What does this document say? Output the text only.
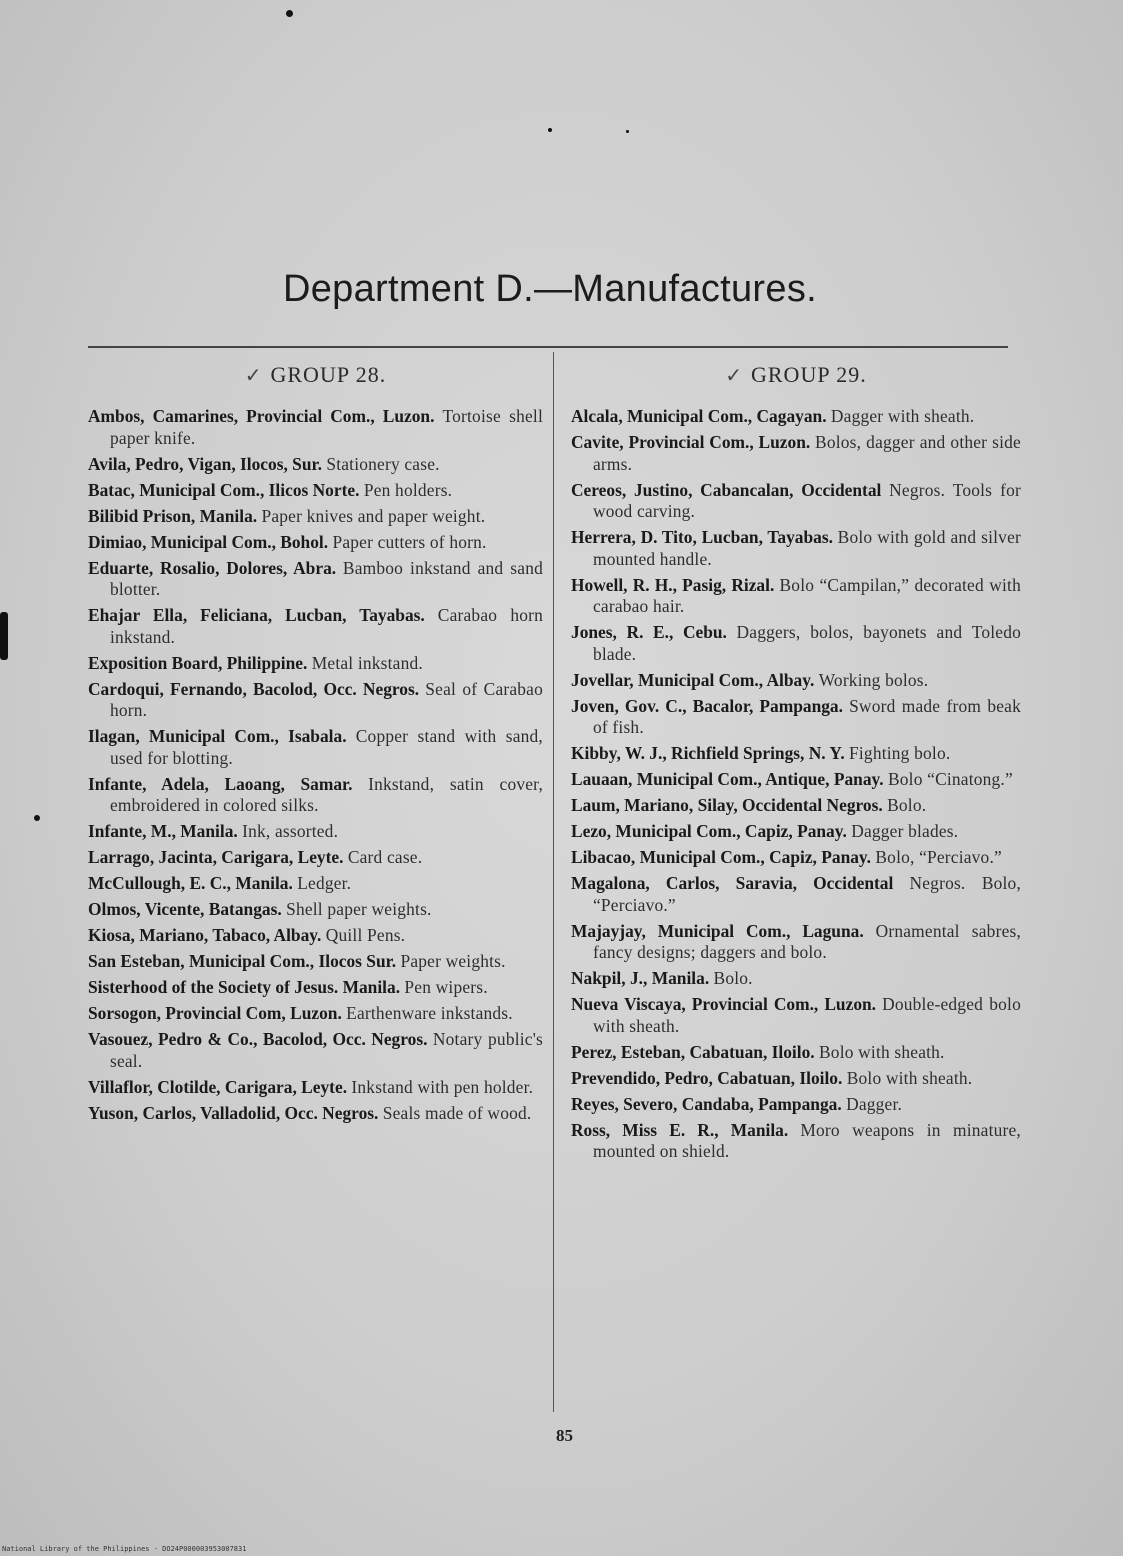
Department D.—Manufactures.
✓ GROUP 28.
Ambos, Camarines, Provincial Com., Luzon. Tortoise shell paper knife.
Avila, Pedro, Vigan, Ilocos, Sur. Stationery case.
Batac, Municipal Com., Ilicos Norte. Pen holders.
Bilibid Prison, Manila. Paper knives and paper weight.
Dimiao, Municipal Com., Bohol. Paper cutters of horn.
Eduarte, Rosalio, Dolores, Abra. Bamboo inkstand and sand blotter.
Ehajar Ella, Feliciana, Lucban, Tayabas. Carabao horn inkstand.
Exposition Board, Philippine. Metal inkstand.
Cardoqui, Fernando, Bacolod, Occ. Negros. Seal of Carabao horn.
Ilagan, Municipal Com., Isabala. Copper stand with sand, used for blotting.
Infante, Adela, Laoang, Samar. Inkstand, satin cover, embroidered in colored silks.
Infante, M., Manila. Ink, assorted.
Larrago, Jacinta, Carigara, Leyte. Card case.
McCullough, E. C., Manila. Ledger.
Olmos, Vicente, Batangas. Shell paper weights.
Kiosa, Mariano, Tabaco, Albay. Quill Pens.
San Esteban, Municipal Com., Ilocos Sur. Paper weights.
Sisterhood of the Society of Jesus. Manila. Pen wipers.
Sorsogon, Provincial Com, Luzon. Earthenware inkstands.
Vasouez, Pedro & Co., Bacolod, Occ. Negros. Notary public's seal.
Villaflor, Clotilde, Carigara, Leyte. Inkstand with pen holder.
Yuson, Carlos, Valladolid, Occ. Negros. Seals made of wood.
✓ GROUP 29.
Alcala, Municipal Com., Cagayan. Dagger with sheath.
Cavite, Provincial Com., Luzon. Bolos, dagger and other side arms.
Cereos, Justino, Cabancalan, Occidental Negros. Tools for wood carving.
Herrera, D. Tito, Lucban, Tayabas. Bolo with gold and silver mounted handle.
Howell, R. H., Pasig, Rizal. Bolo “Campilan,” decorated with carabao hair.
Jones, R. E., Cebu. Daggers, bolos, bayonets and Toledo blade.
Jovellar, Municipal Com., Albay. Working bolos.
Joven, Gov. C., Bacalor, Pampanga. Sword made from beak of fish.
Kibby, W. J., Richfield Springs, N. Y. Fighting bolo.
Lauaan, Municipal Com., Antique, Panay. Bolo “Cinatong.”
Laum, Mariano, Silay, Occidental Negros. Bolo.
Lezo, Municipal Com., Capiz, Panay. Dagger blades.
Libacao, Municipal Com., Capiz, Panay. Bolo, “Perciavo.”
Magalona, Carlos, Saravia, Occidental Negros. Bolo, “Perciavo.”
Majayjay, Municipal Com., Laguna. Ornamental sabres, fancy designs; daggers and bolo.
Nakpil, J., Manila. Bolo.
Nueva Viscaya, Provincial Com., Luzon. Double-edged bolo with sheath.
Perez, Esteban, Cabatuan, Iloilo. Bolo with sheath.
Prevendido, Pedro, Cabatuan, Iloilo. Bolo with sheath.
Reyes, Severo, Candaba, Pampanga. Dagger.
Ross, Miss E. R., Manila. Moro weapons in minature, mounted on shield.
85
National Library of the Philippines · DO24P000003953007831
